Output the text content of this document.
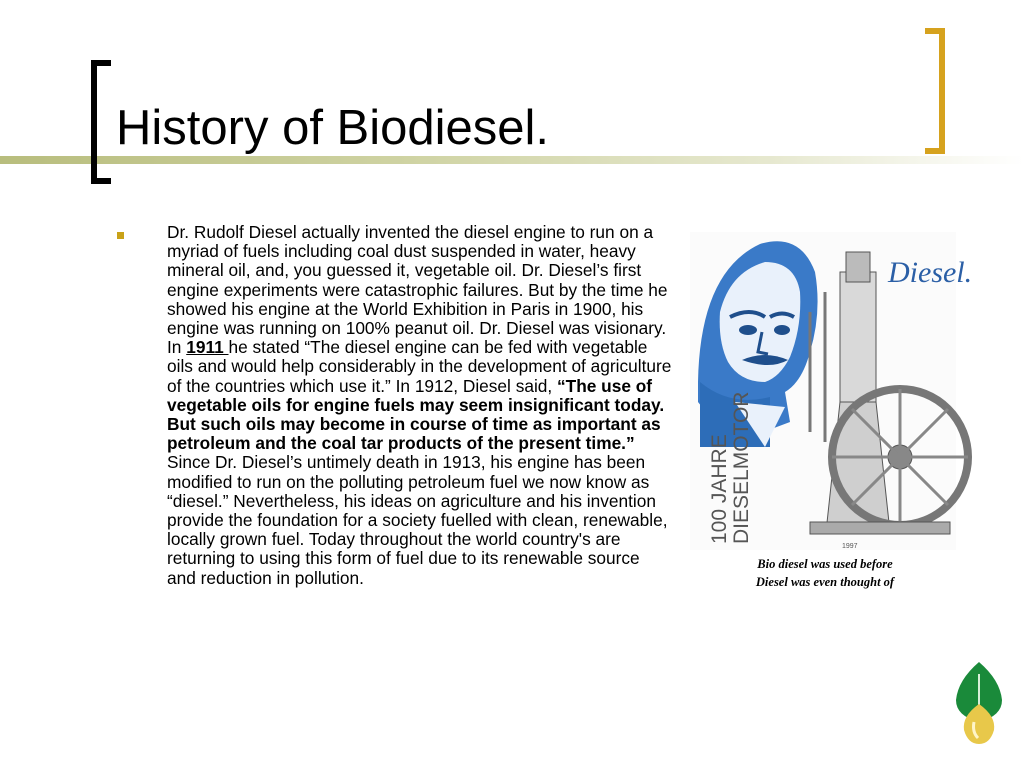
History of Biodiesel.

Dr. Rudolf Diesel actually invented the diesel engine to run on a myriad of fuels including coal dust suspended in water, heavy mineral oil, and, you guessed it, vegetable oil. Dr. Diesel’s first engine experiments were catastrophic failures. But by the time he showed his engine at the World Exhibition in Paris in 1900, his engine was running on 100% peanut oil. Dr. Diesel was visionary. In 1911 he stated “The diesel engine can be fed with vegetable oils and would help considerably in the development of agriculture of the countries which use it.” In 1912, Diesel said, “The use of vegetable oils for engine fuels may seem insignificant today. But such oils may become in course of time as important as petroleum and the coal tar products of the present time.” Since Dr. Diesel’s untimely death in 1913, his engine has been modified to run on the polluting petroleum fuel we now know as “diesel.” Nevertheless, his ideas on agriculture and his invention provide the foundation for a society fuelled with clean, renewable, locally grown fuel. Today throughout the world country's are returning to using this form of fuel due to its renewable source and reduction in pollution.

Diesel.
100 JAHRE DIESELMOTOR
1997
Bio diesel was used before
Diesel was even thought of
